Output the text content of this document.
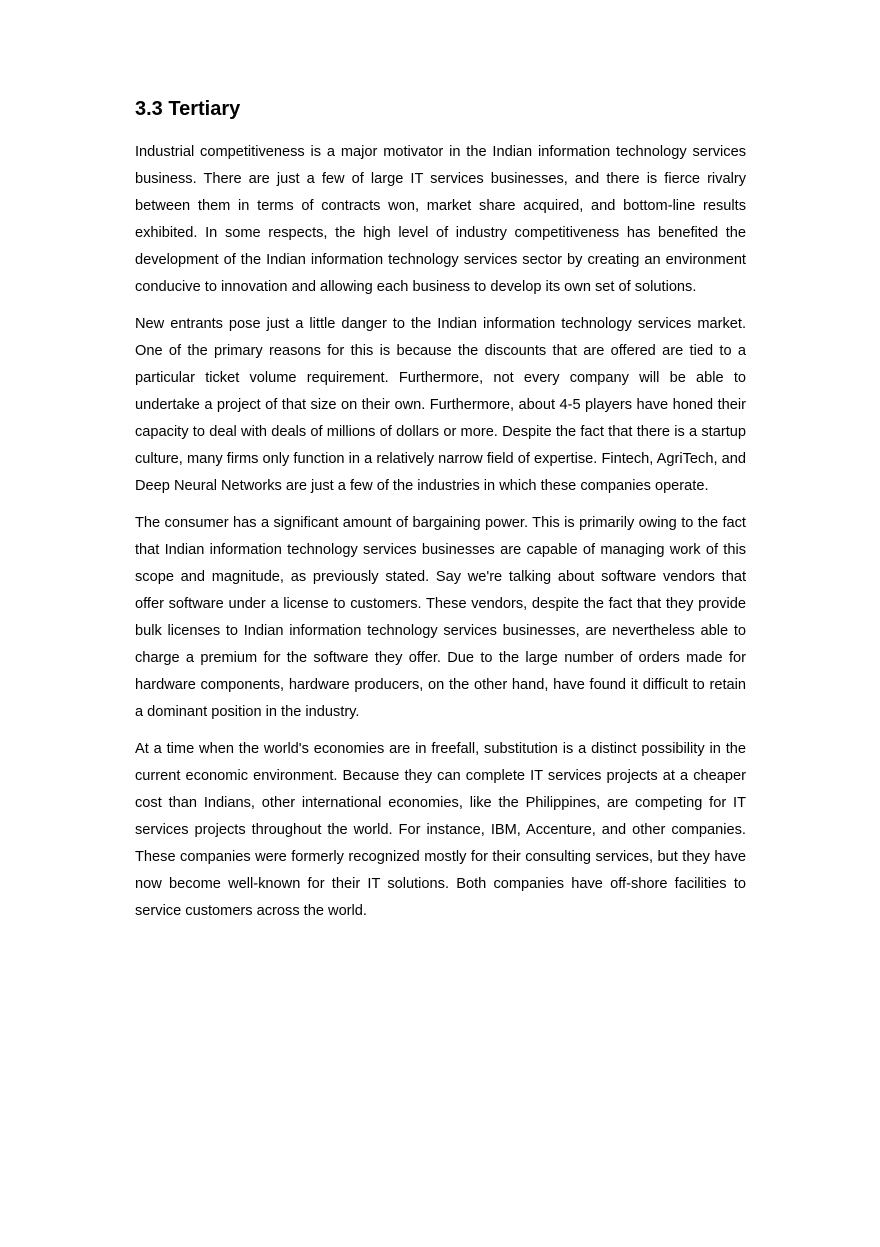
3.3 Tertiary

Industrial competitiveness is a major motivator in the Indian information technology services business. There are just a few of large IT services businesses, and there is fierce rivalry between them in terms of contracts won, market share acquired, and bottom-line results exhibited. In some respects, the high level of industry competitiveness has benefited the development of the Indian information technology services sector by creating an environment conducive to innovation and allowing each business to develop its own set of solutions.

New entrants pose just a little danger to the Indian information technology services market. One of the primary reasons for this is because the discounts that are offered are tied to a particular ticket volume requirement. Furthermore, not every company will be able to undertake a project of that size on their own. Furthermore, about 4-5 players have honed their capacity to deal with deals of millions of dollars or more. Despite the fact that there is a startup culture, many firms only function in a relatively narrow field of expertise. Fintech, AgriTech, and Deep Neural Networks are just a few of the industries in which these companies operate.

The consumer has a significant amount of bargaining power. This is primarily owing to the fact that Indian information technology services businesses are capable of managing work of this scope and magnitude, as previously stated. Say we're talking about software vendors that offer software under a license to customers. These vendors, despite the fact that they provide bulk licenses to Indian information technology services businesses, are nevertheless able to charge a premium for the software they offer. Due to the large number of orders made for hardware components, hardware producers, on the other hand, have found it difficult to retain a dominant position in the industry.

At a time when the world's economies are in freefall, substitution is a distinct possibility in the current economic environment. Because they can complete IT services projects at a cheaper cost than Indians, other international economies, like the Philippines, are competing for IT services projects throughout the world. For instance, IBM, Accenture, and other companies. These companies were formerly recognized mostly for their consulting services, but they have now become well-known for their IT solutions. Both companies have off-shore facilities to service customers across the world.
